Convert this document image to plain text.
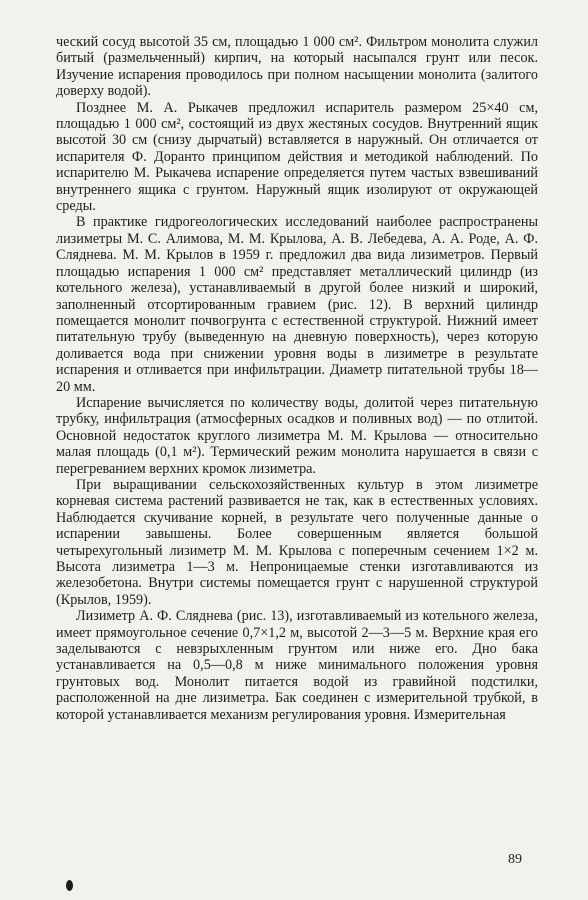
ческий сосуд высотой 35 см, площадью 1 000 см². Фильтром монолита служил битый (размельченный) кирпич, на который насыпался грунт или песок. Изучение испарения проводилось при полном насыщении монолита (залитого доверху водой).

Позднее М. А. Рыкачев предложил испаритель размером 25×40 см, площадью 1 000 см², состоящий из двух жестяных сосудов. Внутренний ящик высотой 30 см (снизу дырчатый) вставляется в наружный. Он отличается от испарителя Ф. Доранто принципом действия и методикой наблюдений. По испарителю М. Рыкачева испарение определяется путем частых взвешиваний внутреннего ящика с грунтом. Наружный ящик изолируют от окружающей среды.

В практике гидрогеологических исследований наиболее распространены лизиметры М. С. Алимова, М. М. Крылова, А. В. Лебедева, А. А. Роде, А. Ф. Сляднева. М. М. Крылов в 1959 г. предложил два вида лизиметров. Первый площадью испарения 1 000 см² представляет металлический цилиндр (из котельного железа), устанавливаемый в другой более низкий и широкий, заполненный отсортированным гравием (рис. 12). В верхний цилиндр помещается монолит почвогрунта с естественной структурой. Нижний имеет питательную трубу (выведенную на дневную поверхность), через которую доливается вода при снижении уровня воды в лизиметре в результате испарения и отливается при инфильтрации. Диаметр питательной трубы 18—20 мм.

Испарение вычисляется по количеству воды, долитой через питательную трубку, инфильтрация (атмосферных осадков и поливных вод) — по отлитой. Основной недостаток круглого лизиметра М. М. Крылова — относительно малая площадь (0,1 м²). Термический режим монолита нарушается в связи с перегреванием верхних кромок лизиметра.

При выращивании сельскохозяйственных культур в этом лизиметре корневая система растений развивается не так, как в естественных условиях. Наблюдается скучивание корней, в результате чего полученные данные о испарении завышены. Более совершенным является большой четырехугольный лизиметр М. М. Крылова с поперечным сечением 1×2 м. Высота лизиметра 1—3 м. Непроницаемые стенки изготавливаются из железобетона. Внутри системы помещается грунт с нарушенной структурой (Крылов, 1959).

Лизиметр А. Ф. Сляднева (рис. 13), изготавливаемый из котельного железа, имеет прямоугольное сечение 0,7×1,2 м, высотой 2—3—5 м. Верхние края его заделываются с невзрыхленным грунтом или ниже его. Дно бака устанавливается на 0,5—0,8 м ниже минимального положения уровня грунтовых вод. Монолит питается водой из гравийной подстилки, расположенной на дне лизиметра. Бак соединен с измерительной трубкой, в которой устанавливается механизм регулирования уровня. Измерительная

89
